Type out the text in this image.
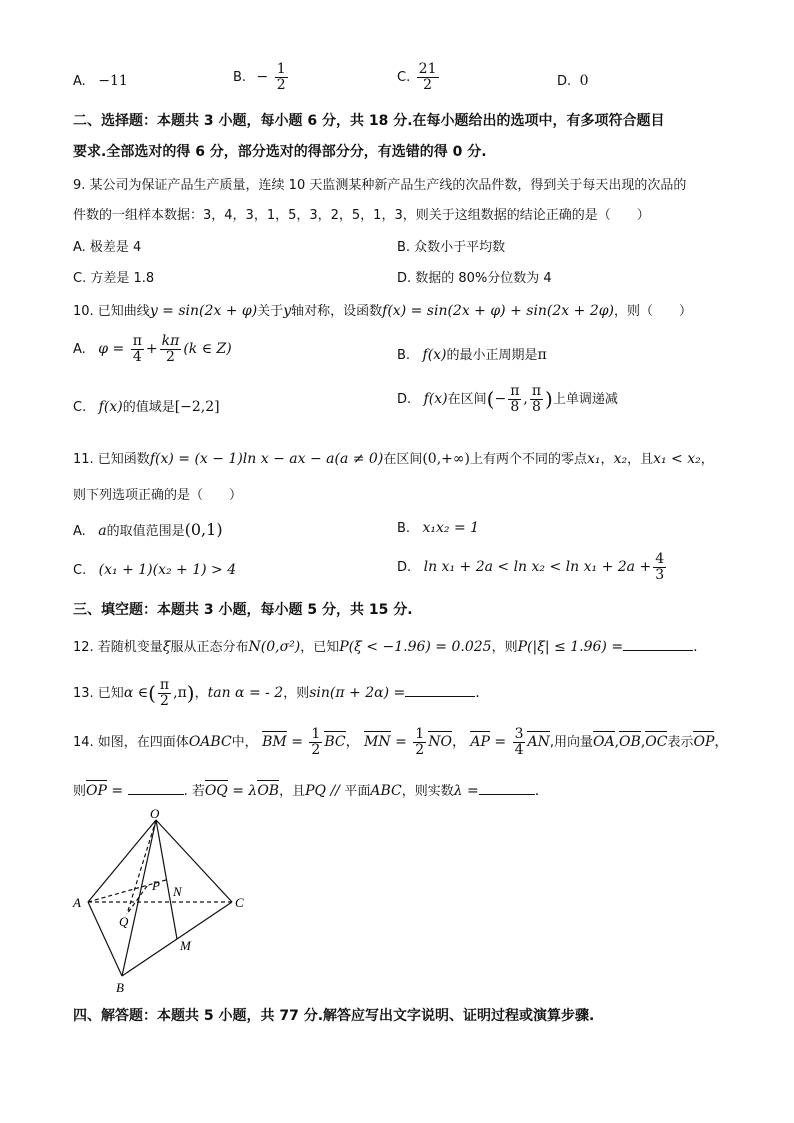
A. −11	B. − $\frac{1}{2}$	C. $\frac{21}{2}$	D. 0
二、选择题：本题共 3 小题，每小题 6 分，共 18 分.在每小题给出的选项中，有多项符合题目
要求.全部选对的得 6 分，部分选对的得部分分，有选错的得 0 分.
9. 某公司为保证产品生产质量，连续 10 天监测某种新产品生产线的次品件数，得到关于每天出现的次品的
件数的一组样本数据：3，4，3，1，5，3，2，5，1，3，则关于这组数据的结论正确的是（　　）
A. 极差是 4	B. 众数小于平均数
C. 方差是 1.8	D. 数据的 80%分位数为 4
10. 已知曲线y = sin(2x + φ)关于y轴对称，设函数f(x) = sin(2x + φ) + sin(2x + 2φ)，则（　　）
A. $\varphi = \frac{\pi}{4} + \frac{k\pi}{2} (k$ ∈ Z)	B. f(x)的最小正周期是π
C. f(x)的值域是[−2,2]	D. f(x)在区间(− $\frac{\pi}{8}$ , $\frac{\pi}{8}$ )上单调递减
11. 已知函数f(x) = (x − 1)ln x − ax − a(a ≠ 0)在区间(0,+∞)上有两个不同的零点x₁，x₂，且x₁ < x₂，
则下列选项正确的是（　　）
A. a的取值范围是(0,1)	B. x₁x₂ = 1
C. (x₁ + 1)(x₂ + 1) > 4	D. $\ln x_1 + 2a < \ln x_2 < \ln x_1 + 2a + \frac{4}{3}$
三、填空题：本题共 3 小题，每小题 5 分，共 15 分.
12. 若随机变量ξ服从正态分布N(0,σ²)，已知P(ξ < −1.96) = 0.025，则P(|ξ| ≤ 1.96) =	.
13. 已知α ∈( $\frac{\pi}{2} ,\pi$)，tan α = - 2，则sin(π + 2α) =	.
14. 如图，在四面体OABC中， BM = $\frac{1}{2}$ BC， MN = $\frac{1}{2}$ NO， AP = $\frac{3}{4}$ AN,用向量OA,OB,OC表示OP，
则OP =	. 若OQ = λOB，且PQ // 平面ABC，则实数λ =	.
O
A
B
C
M
N
P
Q
四、解答题：本题共 5 小题，共 77 分.解答应写出文字说明、证明过程或演算步骤.
